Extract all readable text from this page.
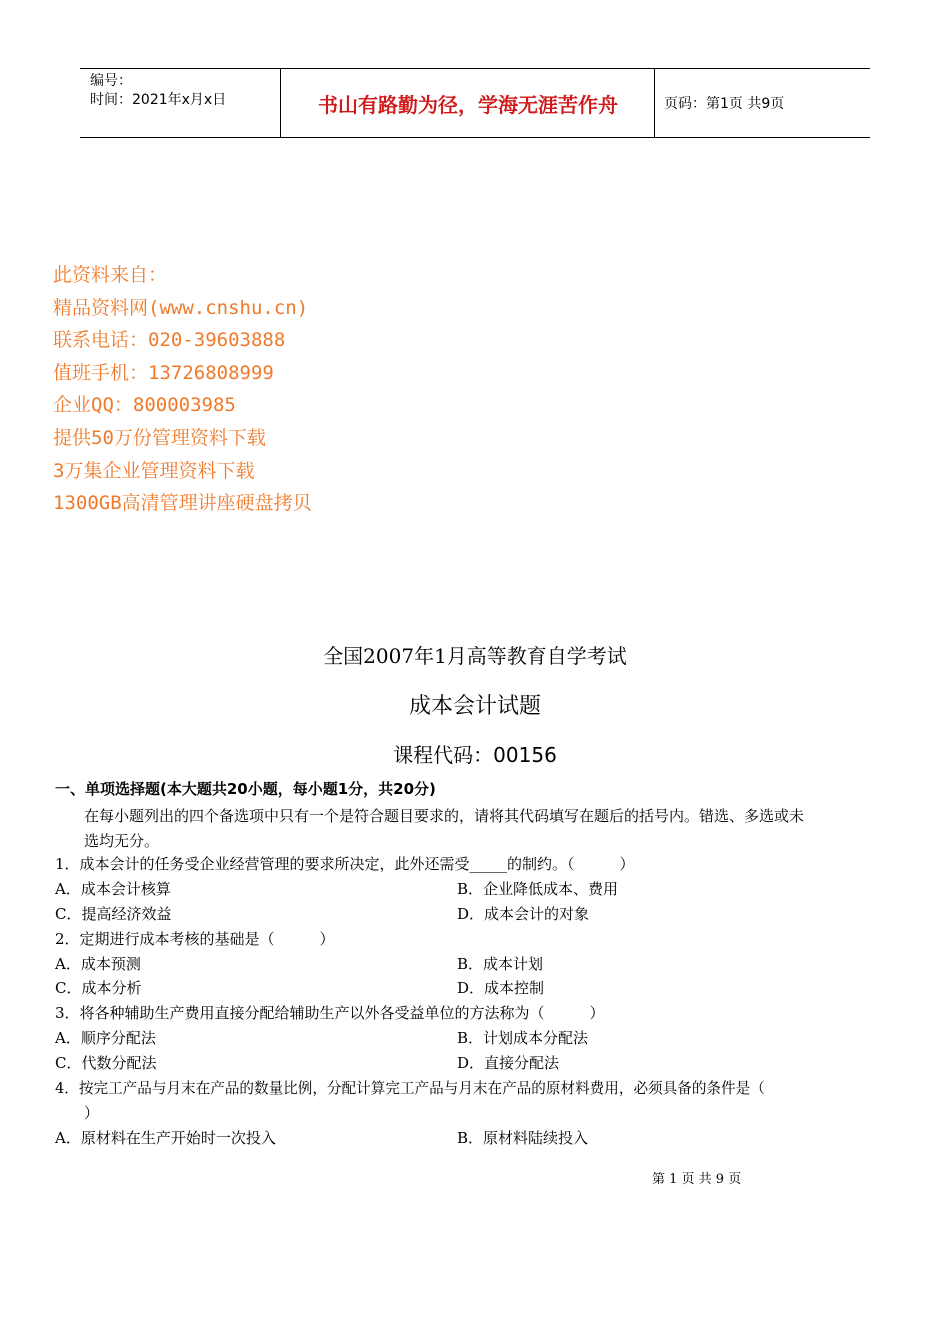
编号：
时间：2021年x月x日	书山有路勤为径，学海无涯苦作舟	页码：第1页 共9页
此资料来自：
精品资料网(www.cnshu.cn)
联系电话：020-39603888
值班手机：13726808999
企业QQ：800003985
提供50万份管理资料下载
3万集企业管理资料下载
1300GB高清管理讲座硬盘拷贝
全国2007年1月高等教育自学考试
成本会计试题
课程代码：00156
一、单项选择题(本大题共20小题，每小题1分，共20分)
在每小题列出的四个备选项中只有一个是符合题目要求的，请将其代码填写在题后的括号内。错选、多选或未
选均无分。
1．成本会计的任务受企业经营管理的要求所决定，此外还需受_____的制约。（　　　）
A．成本会计核算	B．企业降低成本、费用
C．提高经济效益	D．成本会计的对象
2．定期进行成本考核的基础是（　　　）
A．成本预测	B．成本计划
C．成本分析	D．成本控制
3．将各种辅助生产费用直接分配给辅助生产以外各受益单位的方法称为（　　　）
A．顺序分配法	B．计划成本分配法
C．代数分配法	D．直接分配法
4．按完工产品与月末在产品的数量比例，分配计算完工产品与月末在产品的原材料费用，必须具备的条件是（
）
A．原材料在生产开始时一次投入	B．原材料陆续投入
第 1 页 共 9 页
